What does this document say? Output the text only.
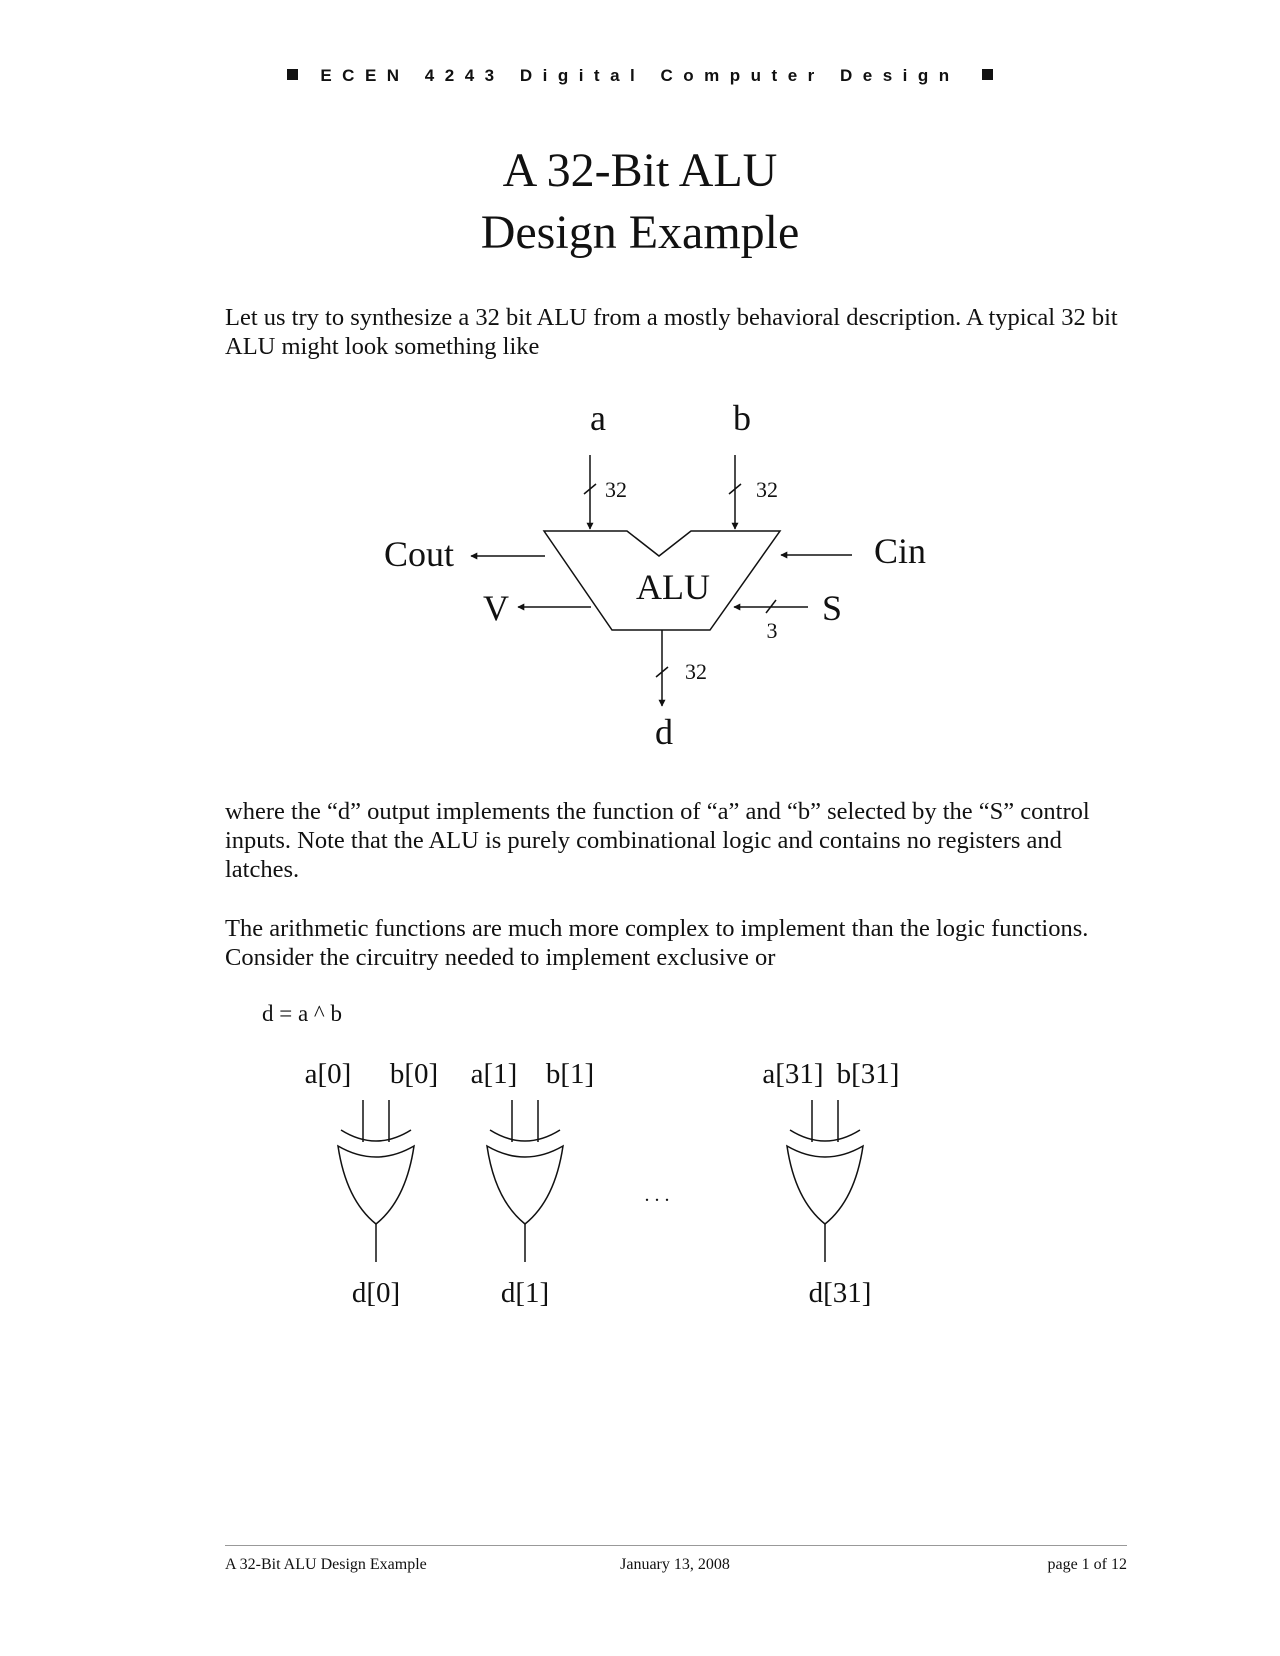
ECEN 4243 Digital Computer Design
A 32-Bit ALU
Design Example

Let us try to synthesize a 32 bit ALU from a mostly behavioral description. A typical 32 bit ALU might look something like

where the “d” output implements the function of “a” and “b” selected by the “S” control inputs. Note that the ALU is purely combinational logic and contains no registers and latches.

The arithmetic functions are much more complex to implement than the logic functions. Consider the circuitry needed to implement exclusive or

d = a ^ b
ALU
a	b
32	32
Cout
V
Cin
S
3
32
d
a[0] b[0]
d[0]
a[1] b[1]
d[1]
. . .
a[31] b[31]
d[31]
A 32-Bit ALU Design Example	January 13, 2008	page 1 of 12
